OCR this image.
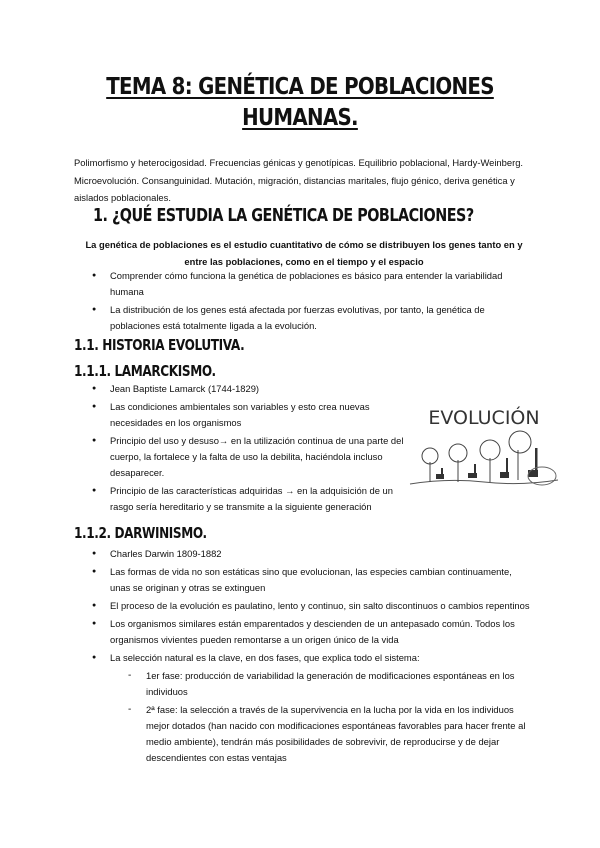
TEMA 8: GENÉTICA DE POBLACIONES HUMANAS.
Polimorfismo y heterocigosidad. Frecuencias génicas y genotípicas. Equilibrio poblacional, Hardy-Weinberg. Microevolución. Consanguinidad. Mutación, migración, distancias maritales, flujo génico, deriva genética y aislados poblacionales.
1. ¿QUÉ ESTUDIA LA GENÉTICA DE POBLACIONES?
La genética de poblaciones es el estudio cuantitativo de cómo se distribuyen los genes tanto en y entre las poblaciones, como en el tiempo y el espacio
● Comprender cómo funciona la genética de poblaciones es básico para entender la variabilidad humana
● La distribución de los genes está afectada por fuerzas evolutivas, por tanto, la genética de poblaciones está totalmente ligada a la evolución.
1.1. HISTORIA EVOLUTIVA.
1.1.1. LAMARCKISMO.
● Jean Baptiste Lamarck (1744-1829)
● Las condiciones ambientales son variables y esto crea nuevas necesidades en los organismos
● Principio del uso y desuso→ en la utilización continua de una parte del cuerpo, la fortalece y la falta de uso la debilita, haciéndola incluso desaparecer.
● Principio de las características adquiridas → en la adquisición de un rasgo sería hereditario y se transmite a la siguiente generación
EVOLUCIÓN
1.1.2. DARWINISMO.
● Charles Darwin 1809-1882
● Las formas de vida no son estáticas sino que evolucionan, las especies cambian continuamente, unas se originan y otras se extinguen
● El proceso de la evolución es paulatino, lento y continuo, sin salto discontinuos o cambios repentinos
● Los organismos similares están emparentados y descienden de un antepasado común. Todos los organismos vivientes pueden remontarse a un origen único de la vida
● La selección natural es la clave, en dos fases, que explica todo el sistema:
- 1er fase: producción de variabilidad la generación de modificaciones espontáneas en los individuos
- 2ª fase: la selección a través de la supervivencia en la lucha por la vida en los individuos mejor dotados (han nacido con modificaciones espontáneas favorables para hacer frente al medio ambiente), tendrán más posibilidades de sobrevivir, de reproducirse y de dejar descendientes con estas ventajas
